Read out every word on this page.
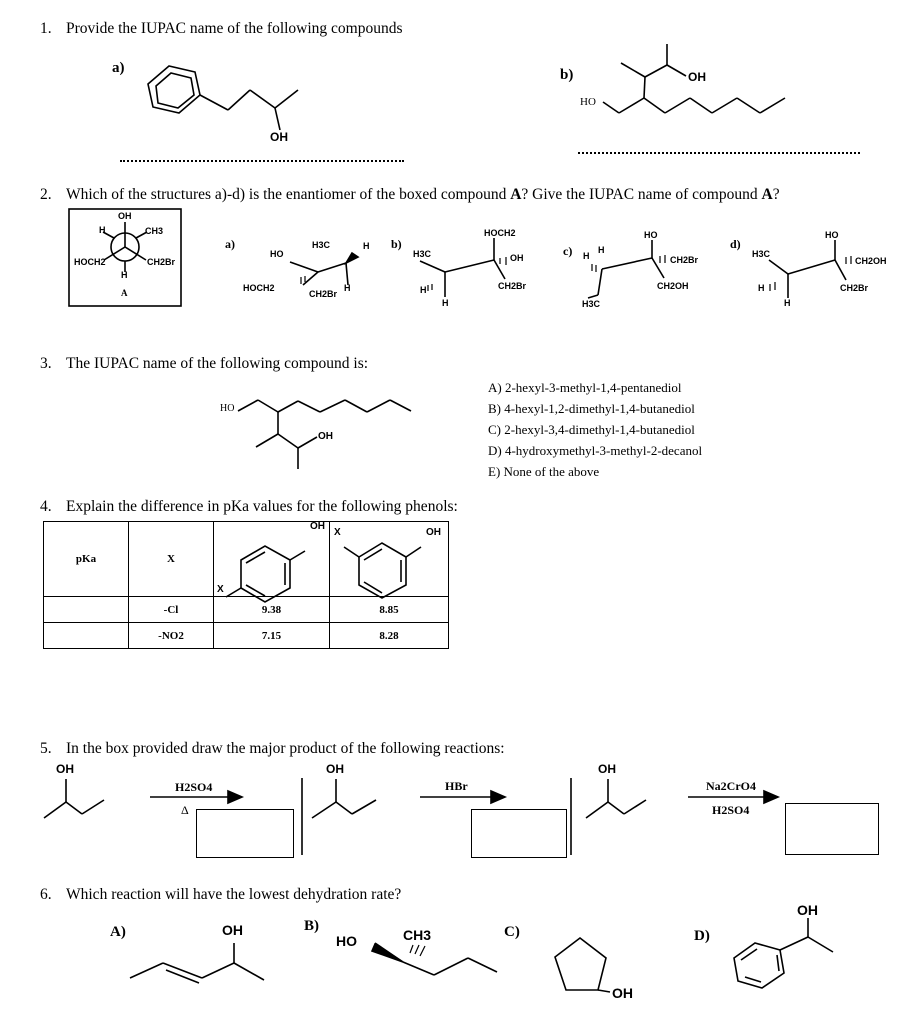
1. Provide the IUPAC name of the following compounds
a)	b)
OH
OH
HO
2. Which of the structures a)-d) is the enantiomer of the boxed compound A? Give the IUPAC name of compound A?
OH
H	CH3
HOCH2	CH2Br
H
A
a)
HO
H3C	H
HOCH2
CH2Br
H
b)
H3C
HOCH2
OH
H
H
CH2Br
c) H
H
HO
CH2Br
H3C
CH2OH
d)
H3C
HO
CH2OH
H
H
CH2Br
3. The IUPAC name of the following compound is:
HO
OH
A) 2-hexyl-3-methyl-1,4-pentanediol
B) 4-hexyl-1,2-dimethyl-1,4-butanediol
C) 2-hexyl-3,4-dimethyl-1,4-butanediol
D) 4-hydroxymethyl-3-methyl-2-decanol
E) None of the above
4. Explain the difference in pKa values for the following phenols:
pKa	X	OH
X	X OH

	-Cl	9.38	8.85
	-NO2	7.15	8.28
5. In the box provided draw the major product of the following reactions:
OH	OH	OH
H2SO4
Δ
HBr	Na2CrO4
H2SO4
6. Which reaction will have the lowest dehydration rate?
A)	OH	B)
HO	CH3	C)
OH
D)
OH
